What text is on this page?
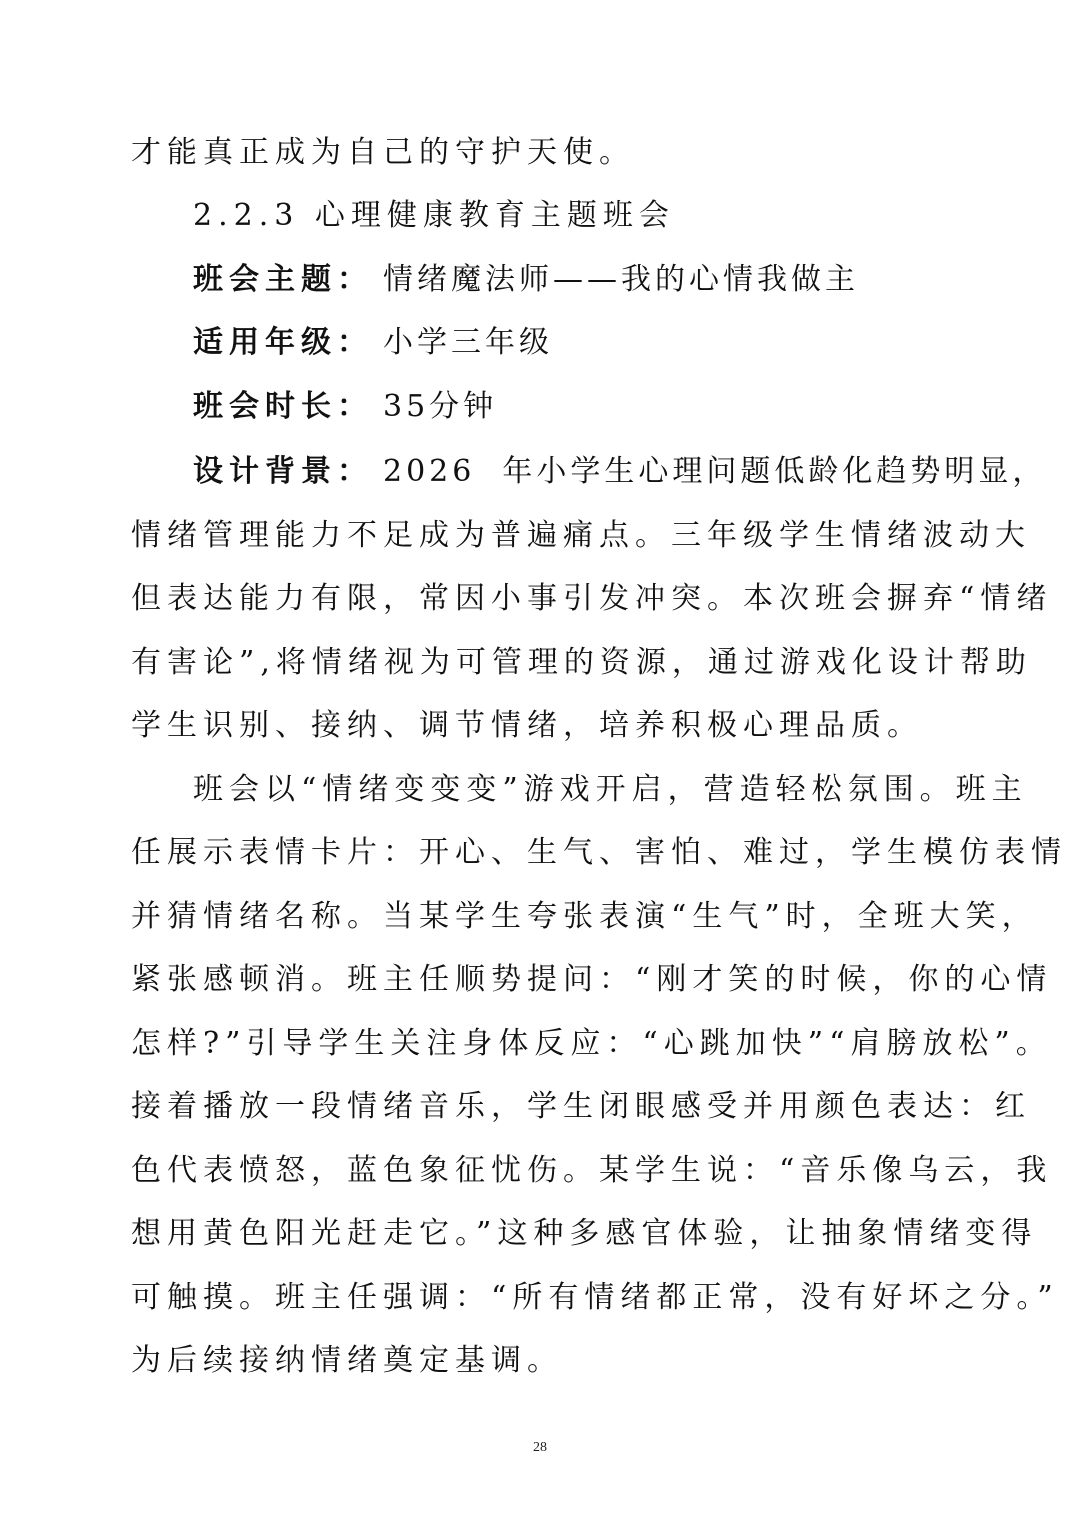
才能真正成为自己的守护天使。
2.2.3 心理健康教育主题班会
班会主题： 情绪魔法师——我的心情我做主
适用年级： 小学三年级
班会时长： 35分钟
设计背景： 2026  年小学生心理问题低龄化趋势明显，
情绪管理能力不足成为普遍痛点。三年级学生情绪波动大
但表达能力有限，常因小事引发冲突。本次班会摒弃“情绪
有害论”,将情绪视为可管理的资源，通过游戏化设计帮助
学生识别、接纳、调节情绪，培养积极心理品质。
班会以“情绪变变变”游戏开启，营造轻松氛围。班主
任展示表情卡片：开心、生气、害怕、难过，学生模仿表情
并猜情绪名称。当某学生夸张表演“生气”时，全班大笑，
紧张感顿消。班主任顺势提问：“刚才笑的时候，你的心情
怎样?”引导学生关注身体反应：“心跳加快”“肩膀放松”。
接着播放一段情绪音乐，学生闭眼感受并用颜色表达：红
色代表愤怒，蓝色象征忧伤。某学生说：“音乐像乌云，我
想用黄色阳光赶走它。”这种多感官体验，让抽象情绪变得
可触摸。班主任强调：“所有情绪都正常，没有好坏之分。”
为后续接纳情绪奠定基调。
28
